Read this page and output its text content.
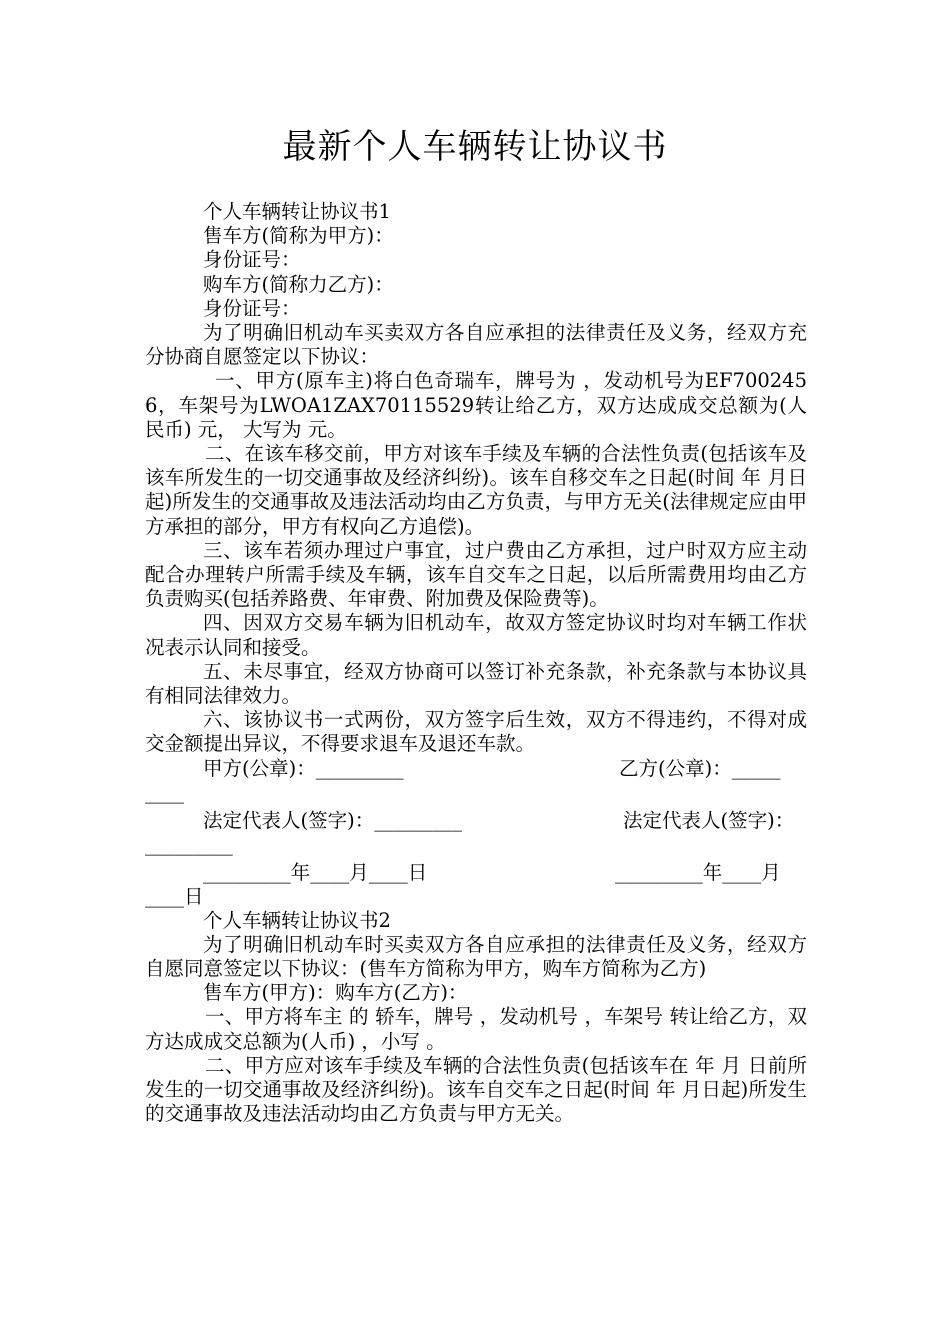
最新个人车辆转让协议书

个人车辆转让协议书1

售车方(简称为甲方)：

身份证号：

购车方(简称力乙方)：

身份证号：

为了明确旧机动车买卖双方各自应承担的法律责任及义务，经双方充分协商自愿签定以下协议：

一、甲方(原车主)将白色奇瑞车，牌号为 ，发动机号为EF7002456，车架号为LWOA1ZAX70115529转让给乙方，双方达成成交总额为(人民币) 元， 大写为 元。

二、在该车移交前，甲方对该车手续及车辆的合法性负责(包括该车及该车所发生的一切交通事故及经济纠纷)。该车自移交车之日起(时间 年 月日起)所发生的交通事故及违法活动均由乙方负责，与甲方无关(法律规定应由甲方承担的部分，甲方有权向乙方追偿)。

三、该车若须办理过户事宜，过户费由乙方承担，过户时双方应主动配合办理转户所需手续及车辆，该车自交车之日起，以后所需费用均由乙方负责购买(包括养路费、年审费、附加费及保险费等)。

四、因双方交易车辆为旧机动车，故双方签定协议时均对车辆工作状况表示认同和接受。

五、未尽事宜，经双方协商可以签订补充条款，补充条款与本协议具有相同法律效力。

六、该协议书一式两份，双方签字后生效，双方不得违约，不得对成交金额提出异议，不得要求退车及退还车款。

甲方(公章)：_________	乙方(公章)：_____
____
法定代表人(签字)：_________	法定代表人(签字)：
_________
_________年____月____日	_________年____月
____日

个人车辆转让协议书2

为了明确旧机动车时买卖双方各自应承担的法律责任及义务，经双方自愿同意签定以下协议：(售车方简称为甲方，购车方简称为乙方)

售车方(甲方)：购车方(乙方)：

一、甲方将车主 的 轿车，牌号 ，发动机号 ，车架号 转让给乙方，双方达成成交总额为(人币) ，小写 。

二、甲方应对该车手续及车辆的合法性负责(包括该车在 年 月 日前所发生的一切交通事故及经济纠纷)。该车自交车之日起(时间 年 月日起)所发生的交通事故及违法活动均由乙方负责与甲方无关。
